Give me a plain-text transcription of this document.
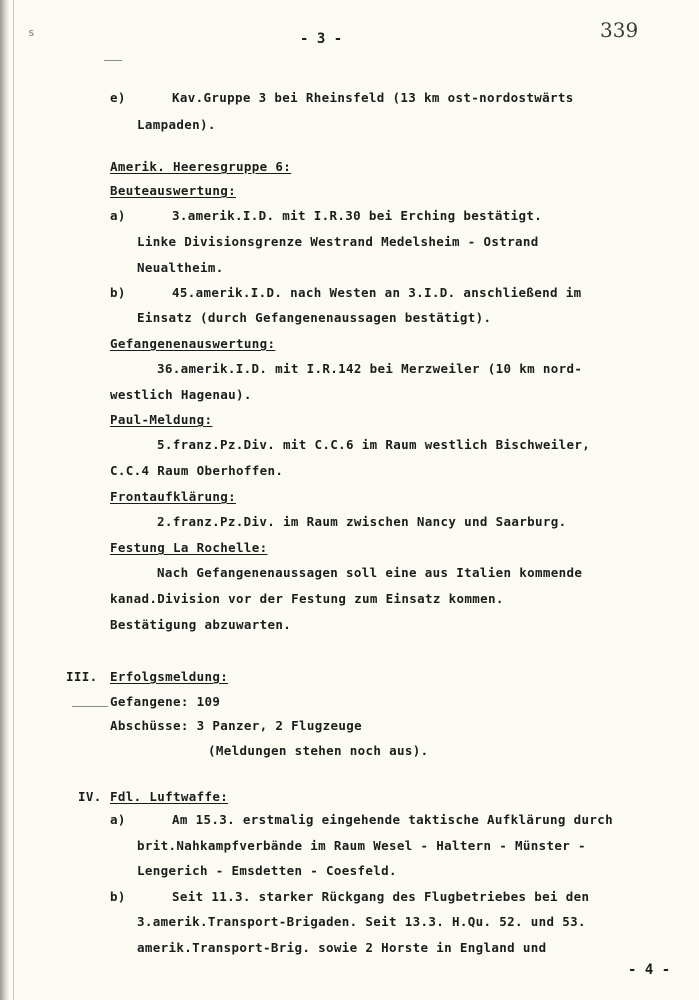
s	- 3 -	339
e)	Kav.Gruppe 3 bei Rheinsfeld (13 km ost-nordostwärts
Lampaden).
Amerik. Heeresgruppe 6:
Beuteauswertung:
a)	3.amerik.I.D. mit I.R.30 bei Erching bestätigt.
Linke Divisionsgrenze Westrand Medelsheim - Ostrand
Neualtheim.
b)	45.amerik.I.D. nach Westen an 3.I.D. anschließend im
Einsatz (durch Gefangenenaussagen bestätigt).
Gefangenenauswertung:
36.amerik.I.D. mit I.R.142 bei Merzweiler (10 km nord-
westlich Hagenau).
Paul-Meldung:
5.franz.Pz.Div. mit C.C.6 im Raum westlich Bischweiler,
C.C.4 Raum Oberhoffen.
Frontaufklärung:
2.franz.Pz.Div. im Raum zwischen Nancy und Saarburg.
Festung La Rochelle:
Nach Gefangenenaussagen soll eine aus Italien kommende
kanad.Division vor der Festung zum Einsatz kommen.
Bestätigung abzuwarten.
III. Erfolgsmeldung:
Gefangene: 109
Abschüsse: 3 Panzer, 2 Flugzeuge
(Meldungen stehen noch aus).
IV. Fdl. Luftwaffe:
a)	Am 15.3. erstmalig eingehende taktische Aufklärung durch
brit.Nahkampfverbände im Raum Wesel - Haltern - Münster -
Lengerich - Emsdetten - Coesfeld.
b)	Seit 11.3. starker Rückgang des Flugbetriebes bei den
3.amerik.Transport-Brigaden. Seit 13.3. H.Qu. 52. und 53.
amerik.Transport-Brig. sowie 2 Horste in England und
- 4 -
